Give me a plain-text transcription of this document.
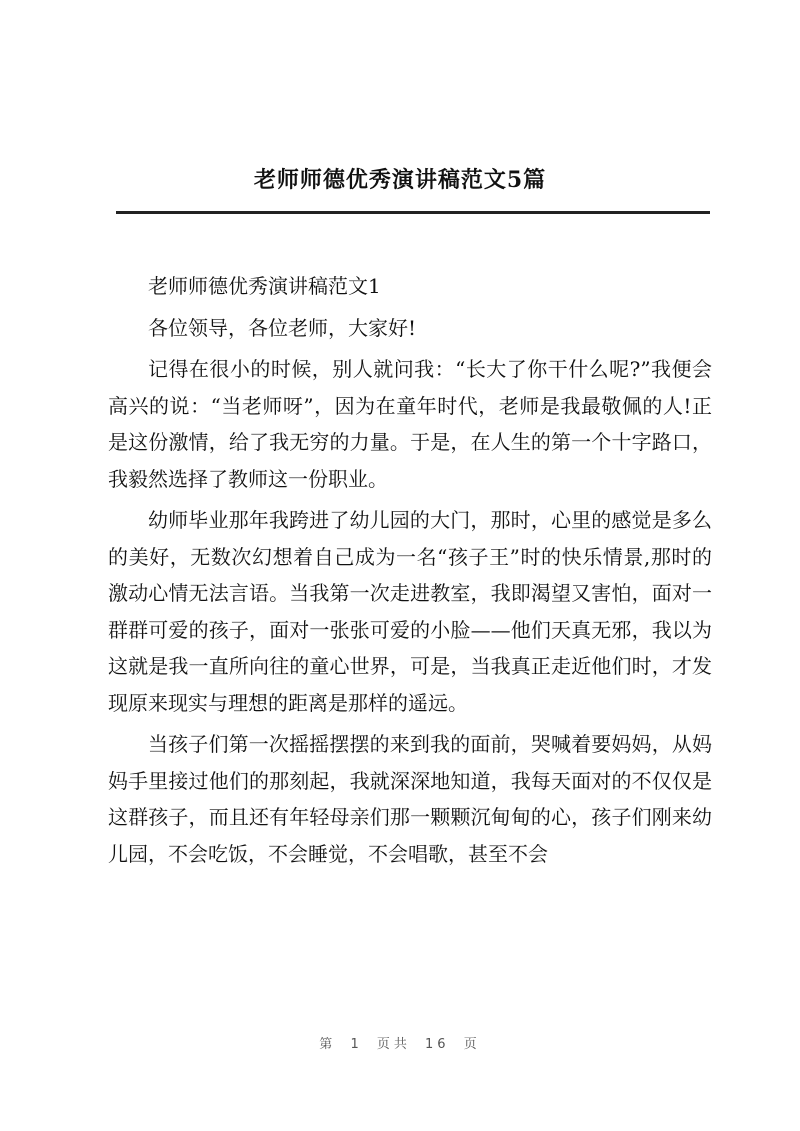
老师师德优秀演讲稿范文5篇

老师师德优秀演讲稿范文1

各位领导，各位老师，大家好!

记得在很小的时候，别人就问我：“长大了你干什么呢?”我便会高兴的说：“当老师呀”，因为在童年时代，老师是我最敬佩的人!正是这份激情，给了我无穷的力量。于是，在人生的第一个十字路口，我毅然选择了教师这一份职业。

幼师毕业那年我跨进了幼儿园的大门，那时，心里的感觉是多么的美好，无数次幻想着自己成为一名“孩子王”时的快乐情景,那时的激动心情无法言语。当我第一次走进教室，我即渴望又害怕，面对一群群可爱的孩子，面对一张张可爱的小脸——他们天真无邪，我以为这就是我一直所向往的童心世界，可是，当我真正走近他们时，才发现原来现实与理想的距离是那样的遥远。

当孩子们第一次摇摇摆摆的来到我的面前，哭喊着要妈妈，从妈妈手里接过他们的那刻起，我就深深地知道，我每天面对的不仅仅是这群孩子，而且还有年轻母亲们那一颗颗沉甸甸的心，孩子们刚来幼儿园，不会吃饭，不会睡觉，不会唱歌，甚至不会

第 1 页共 16 页
